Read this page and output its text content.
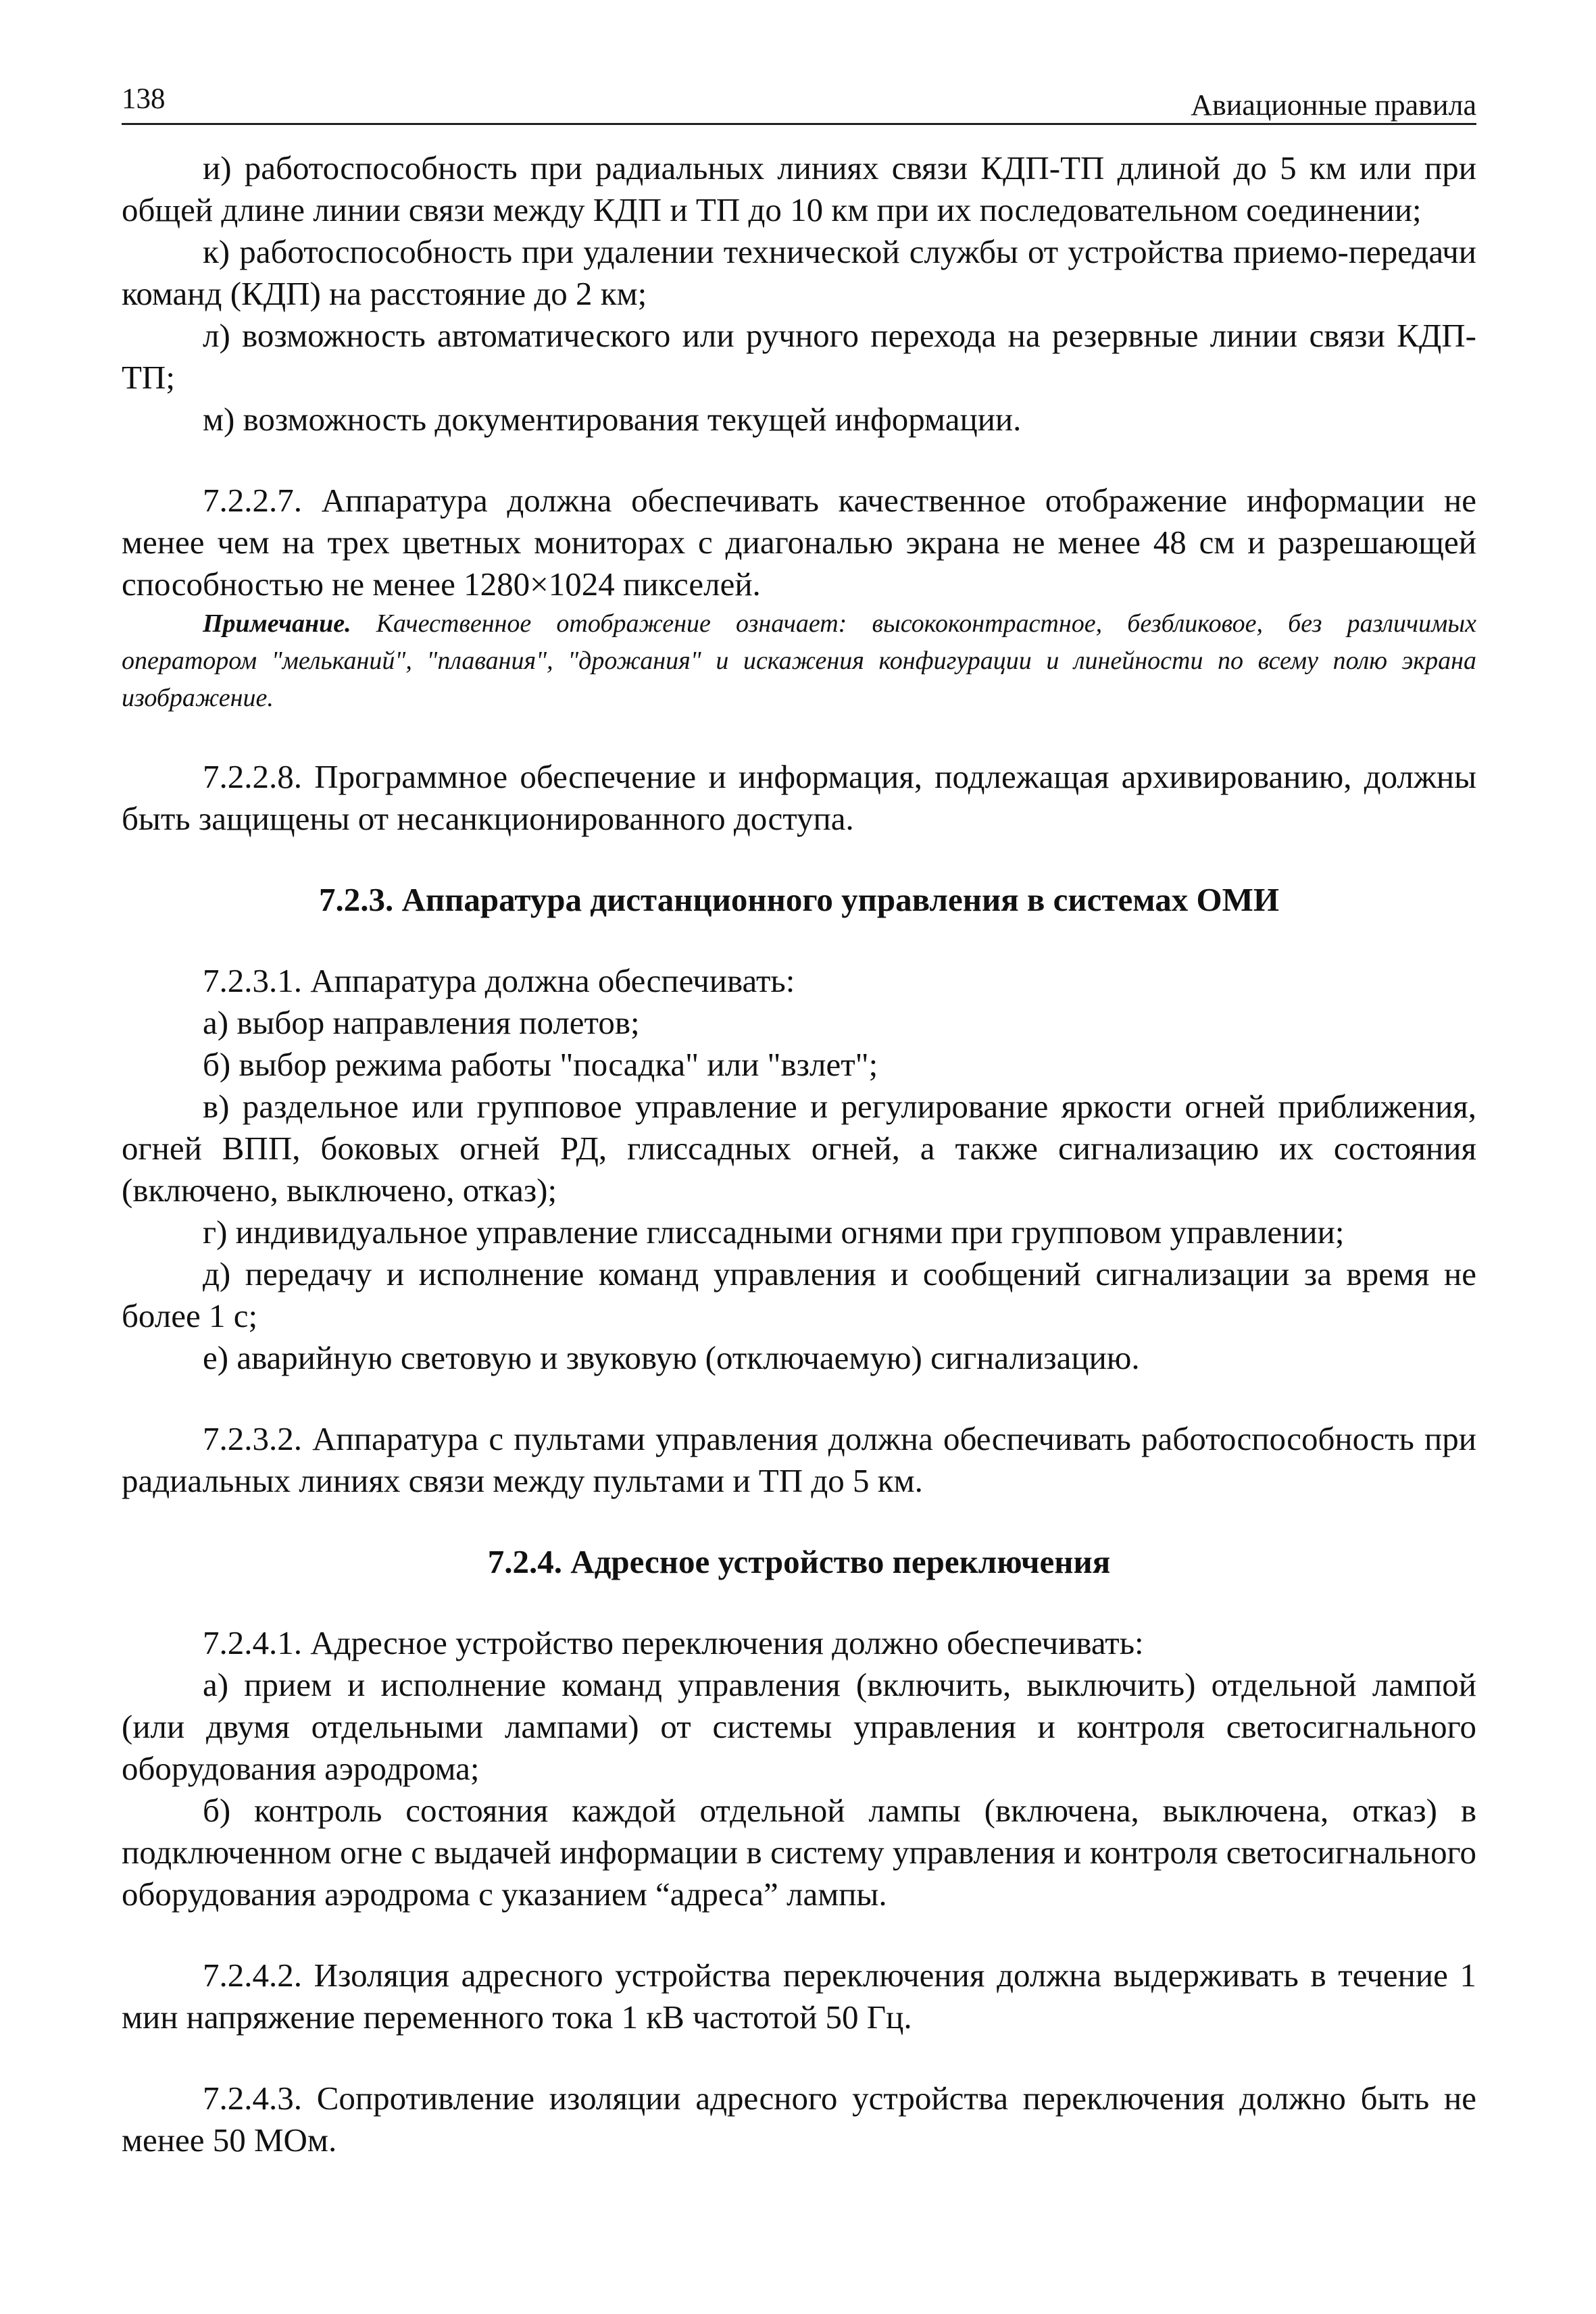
138	Авиационные правила

и) работоспособность при радиальных линиях связи КДП-ТП длиной до 5 км или при общей длине линии связи между КДП и ТП до 10 км при их последовательном соединении;

к) работоспособность при удалении технической службы от устройства приемо-передачи команд (КДП) на расстояние до 2 км;

л) возможность автоматического или ручного перехода на резервные линии связи КДП-ТП;

м) возможность документирования текущей информации.

7.2.2.7. Аппаратура должна обеспечивать качественное отображение информации не менее чем на трех цветных мониторах с диагональю экрана не менее 48 см и разрешающей способностью не менее 1280×1024 пикселей.

Примечание. Качественное отображение означает: высококонтрастное, безбликовое, без различимых оператором "мельканий", "плавания", "дрожания" и искажения конфигурации и линейности по всему полю экрана изображение.

7.2.2.8. Программное обеспечение и информация, подлежащая архивированию, должны быть защищены от несанкционированного доступа.

7.2.3. Аппаратура дистанционного управления в системах ОМИ

7.2.3.1. Аппаратура должна обеспечивать:

а) выбор направления полетов;

б) выбор режима работы "посадка" или "взлет";

в) раздельное или групповое управление и регулирование яркости огней приближения, огней ВПП, боковых огней РД, глиссадных огней, а также сигнализацию их состояния (включено, выключено, отказ);

г) индивидуальное управление глиссадными огнями при групповом управлении;

д) передачу и исполнение команд управления и сообщений сигнализации за время не более 1 с;

е) аварийную световую и звуковую (отключаемую) сигнализацию.

7.2.3.2. Аппаратура с пультами управления должна обеспечивать работоспособность при радиальных линиях связи между пультами и ТП до 5 км.

7.2.4. Адресное устройство переключения

7.2.4.1. Адресное устройство переключения должно обеспечивать:

а) прием и исполнение команд управления (включить, выключить) отдельной лампой (или двумя отдельными лампами) от системы управления и контроля светосигнального оборудования аэродрома;

б) контроль состояния каждой отдельной лампы (включена, выключена, отказ) в подключенном огне с выдачей информации в систему управления и контроля светосигнального оборудования аэродрома с указанием “адреса” лампы.

7.2.4.2. Изоляция адресного устройства переключения должна выдерживать в течение 1 мин напряжение переменного тока 1 кВ частотой 50 Гц.

7.2.4.3. Сопротивление изоляции адресного устройства переключения должно быть не менее 50 МОм.
